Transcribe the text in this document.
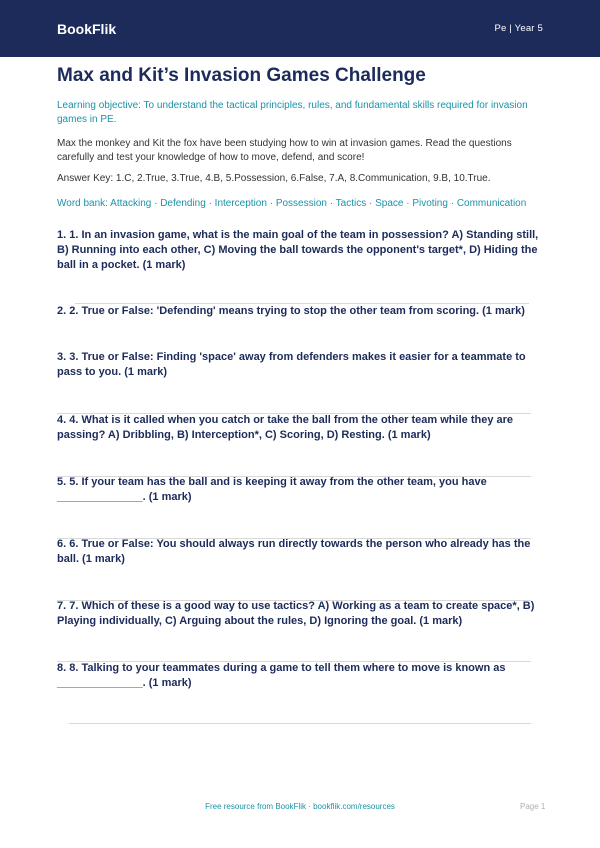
BookFlik	Pe | Year 5
Max and Kit’s Invasion Games Challenge
Learning objective: To understand the tactical principles, rules, and fundamental skills required for invasion games in PE.
Max the monkey and Kit the fox have been studying how to win at invasion games. Read the questions carefully and test your knowledge of how to move, defend, and score!
Answer Key: 1.C, 2.True, 3.True, 4.B, 5.Possession, 6.False, 7.A, 8.Communication, 9.B, 10.True.
Word bank: Attacking · Defending · Interception · Possession · Tactics · Space · Pivoting · Communication

1. 1. In an invasion game, what is the main goal of the team in possession? A) Standing still, B) Running into each other, C) Moving the ball towards the opponent's target*, D) Hiding the ball in a pocket. (1 mark)

2. 2. True or False: 'Defending' means trying to stop the other team from scoring. (1 mark)

3. 3. True or False: Finding 'space' away from defenders makes it easier for a teammate to pass to you. (1 mark)

4. 4. What is it called when you catch or take the ball from the other team while they are passing? A) Dribbling, B) Interception*, C) Scoring, D) Resting. (1 mark)

5. 5. If your team has the ball and is keeping it away from the other team, you have ______________. (1 mark)

6. 6. True or False: You should always run directly towards the person who already has the ball. (1 mark)

7. 7. Which of these is a good way to use tactics? A) Working as a team to create space*, B) Playing individually, C) Arguing about the rules, D) Ignoring the goal. (1 mark)

8. 8. Talking to your teammates during a game to tell them where to move is known as ______________. (1 mark)

Free resource from BookFlik · bookflik.com/resources	Page 1
